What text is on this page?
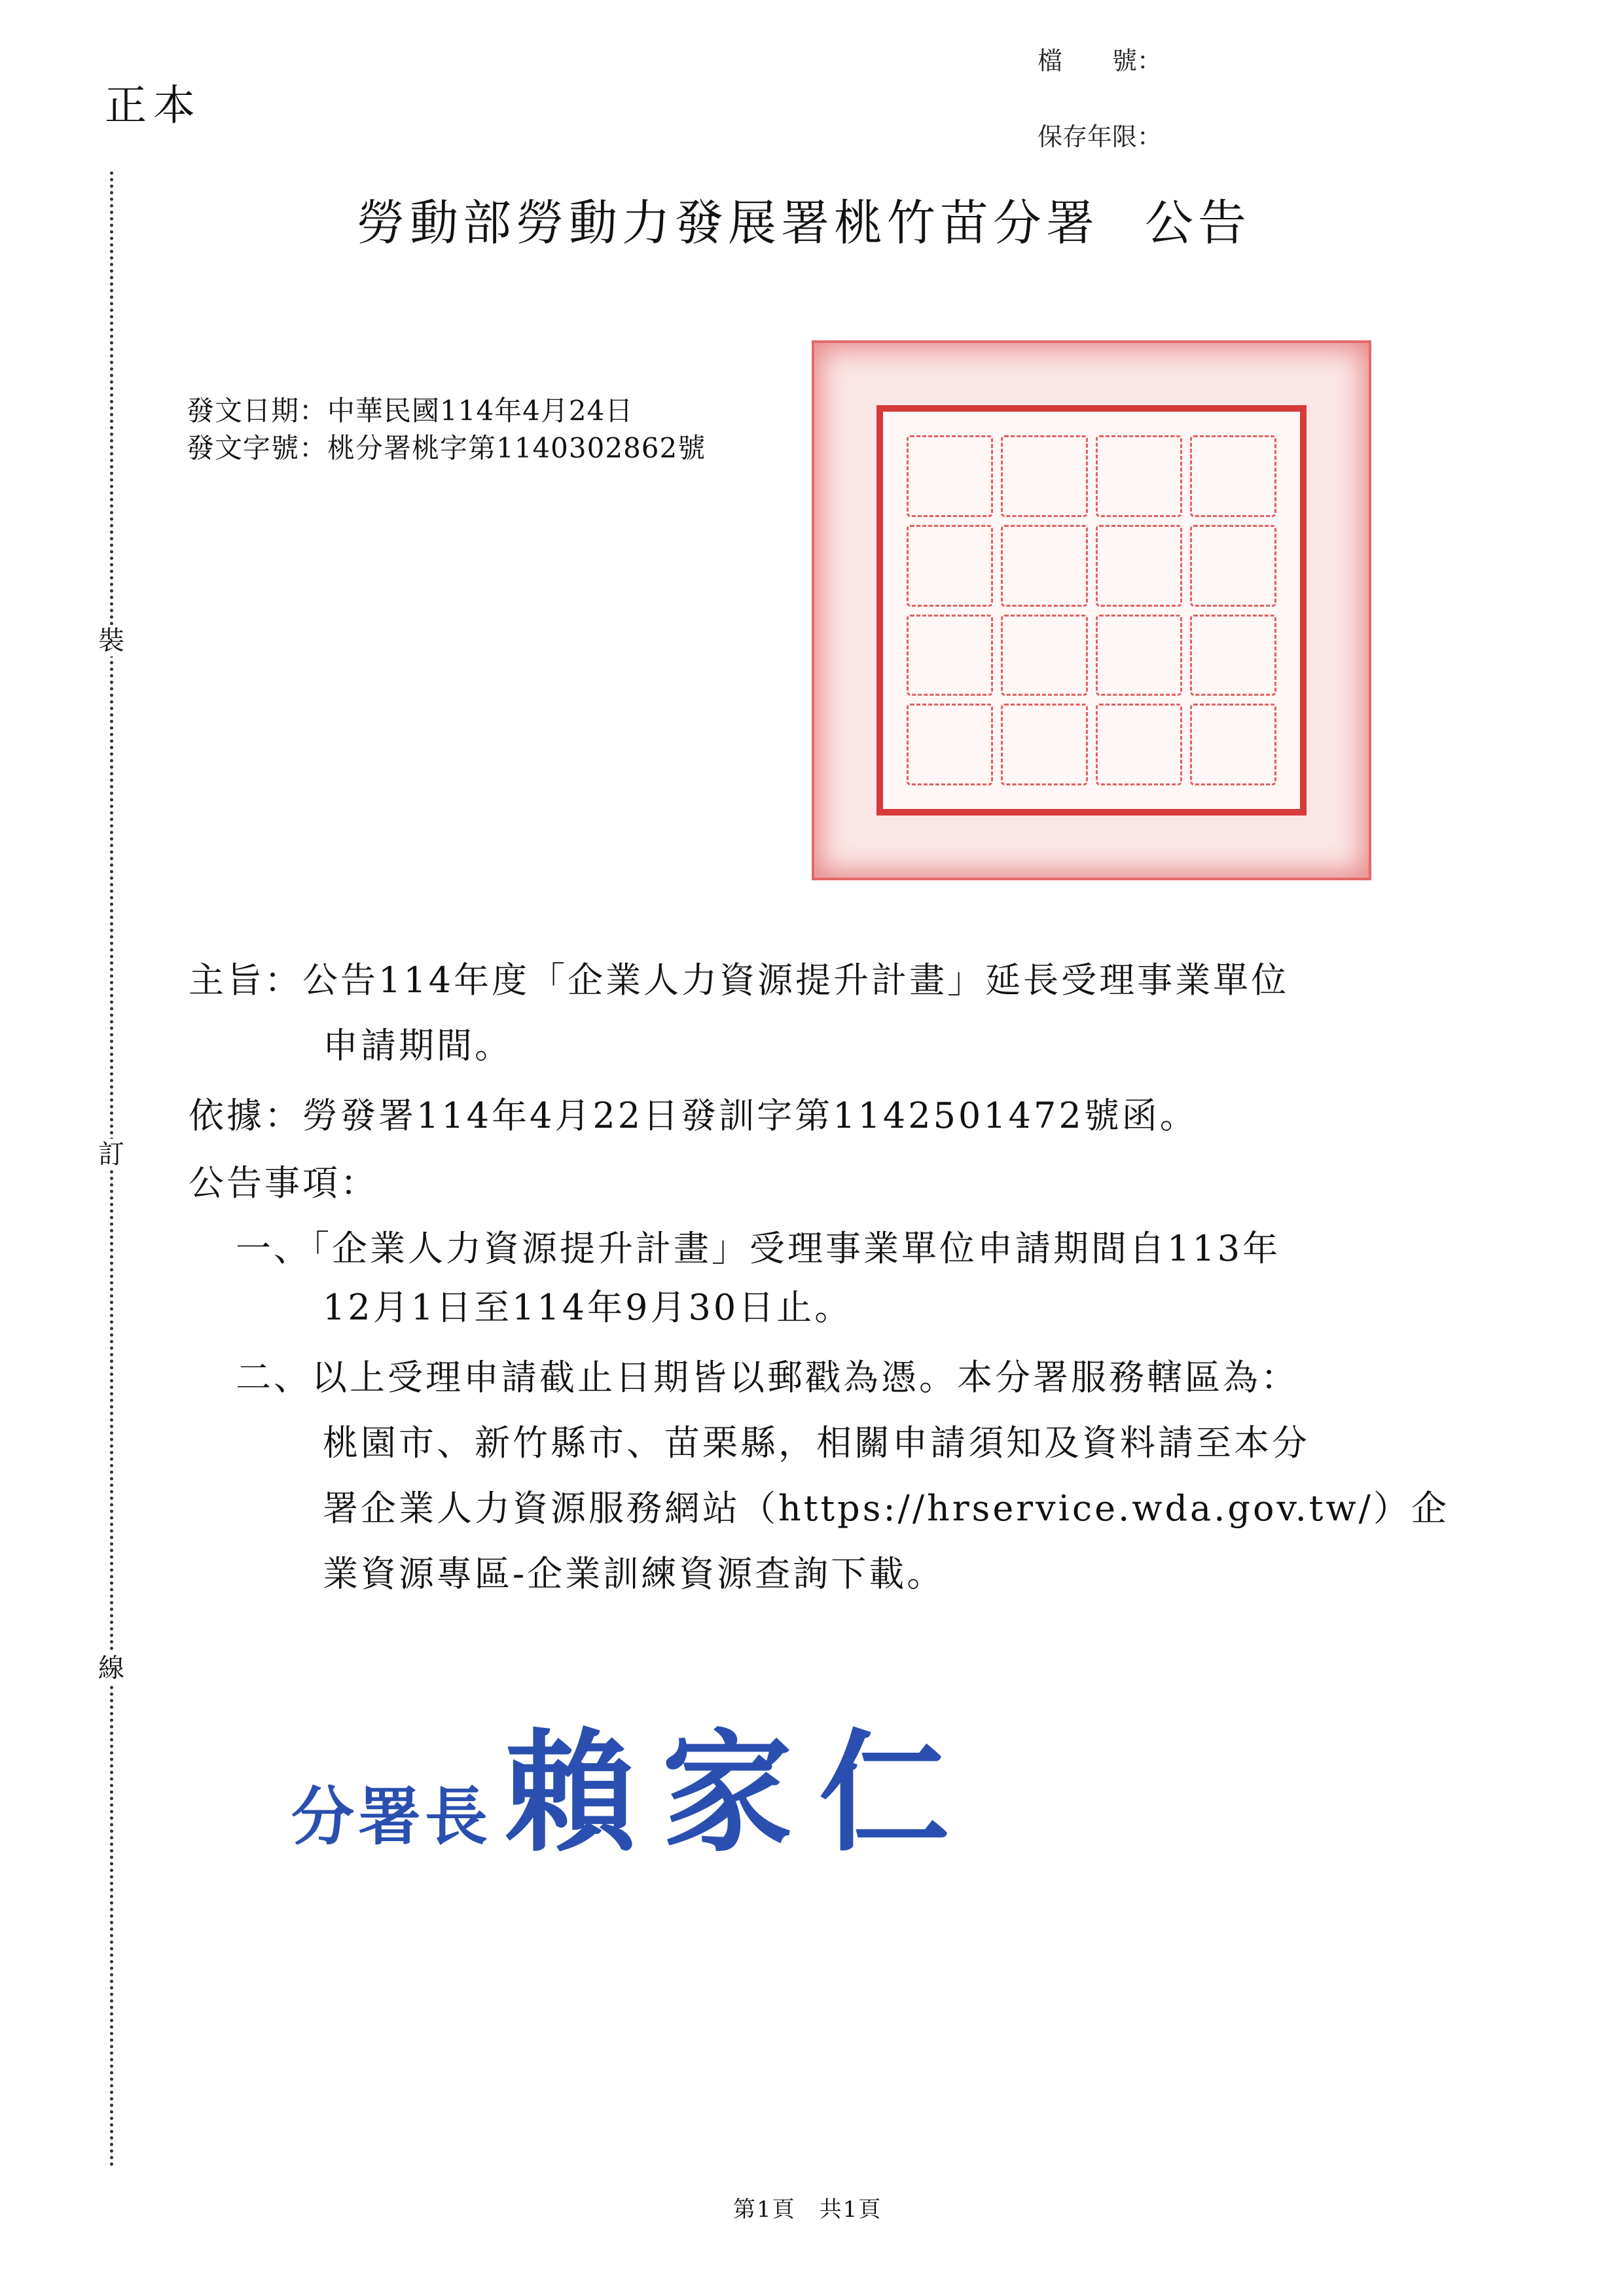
正本
檔　　號：
保存年限：
裝
訂
線
勞動部勞動力發展署桃竹苗分署 公告
發文日期：中華民國114年4月24日
發文字號：桃分署桃字第1140302862號
主旨：公告114年度「企業人力資源提升計畫」延長受理事業單位
申請期間。
依據：勞發署114年4月22日發訓字第1142501472號函。
公告事項：
一、「企業人力資源提升計畫」受理事業單位申請期間自113年
12月1日至114年9月30日止。
二、以上受理申請截止日期皆以郵戳為憑。本分署服務轄區為：
桃園市、新竹縣市、苗栗縣，相關申請須知及資料請至本分
署企業人力資源服務網站（https://hrservice.wda.gov.tw/）企
業資源專區-企業訓練資源查詢下載。
分署長 賴家仁
第1頁　共1頁
